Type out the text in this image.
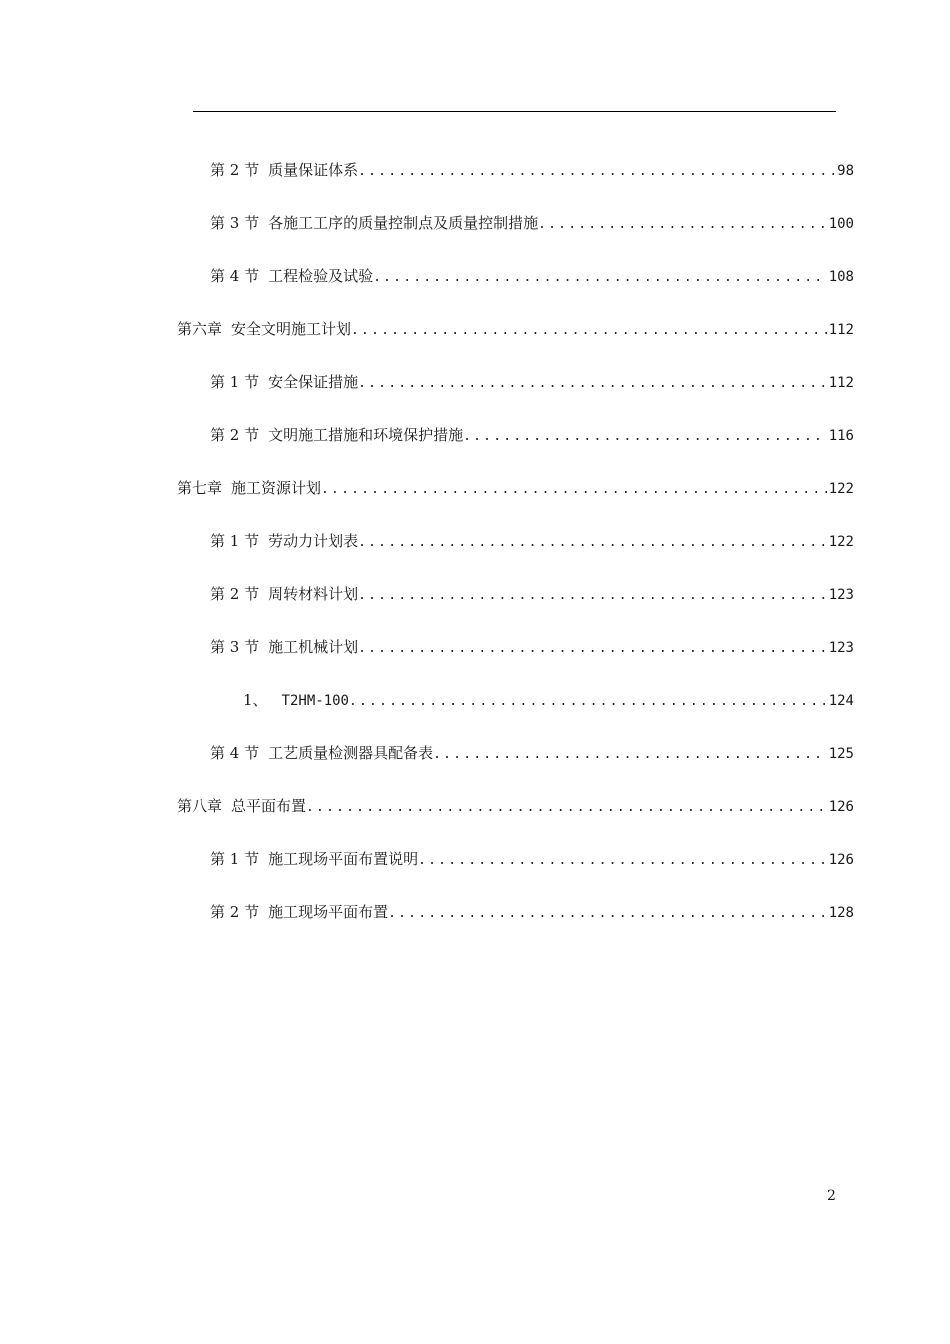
第 2 节 质量保证体系 .....	98
第 3 节 各施工工序的质量控制点及质量控制措施 .....	100
第 4 节 工程检验及试验 .....	108
第六章 安全文明施工计划 .....	112
第 1 节 安全保证措施 .....	112
第 2 节 文明施工措施和环境保护措施 .....	116
第七章 施工资源计划 .....	122
第 1 节 劳动力计划表 .....	122
第 2 节 周转材料计划 .....	123
第 3 节 施工机械计划 .....	123
1、 T2HM-100 .....	124
第 4 节 工艺质量检测器具配备表 .....	125
第八章 总平面布置 .....	126
第 1 节 施工现场平面布置说明 .....	126
第 2 节 施工现场平面布置 .....	128
2
